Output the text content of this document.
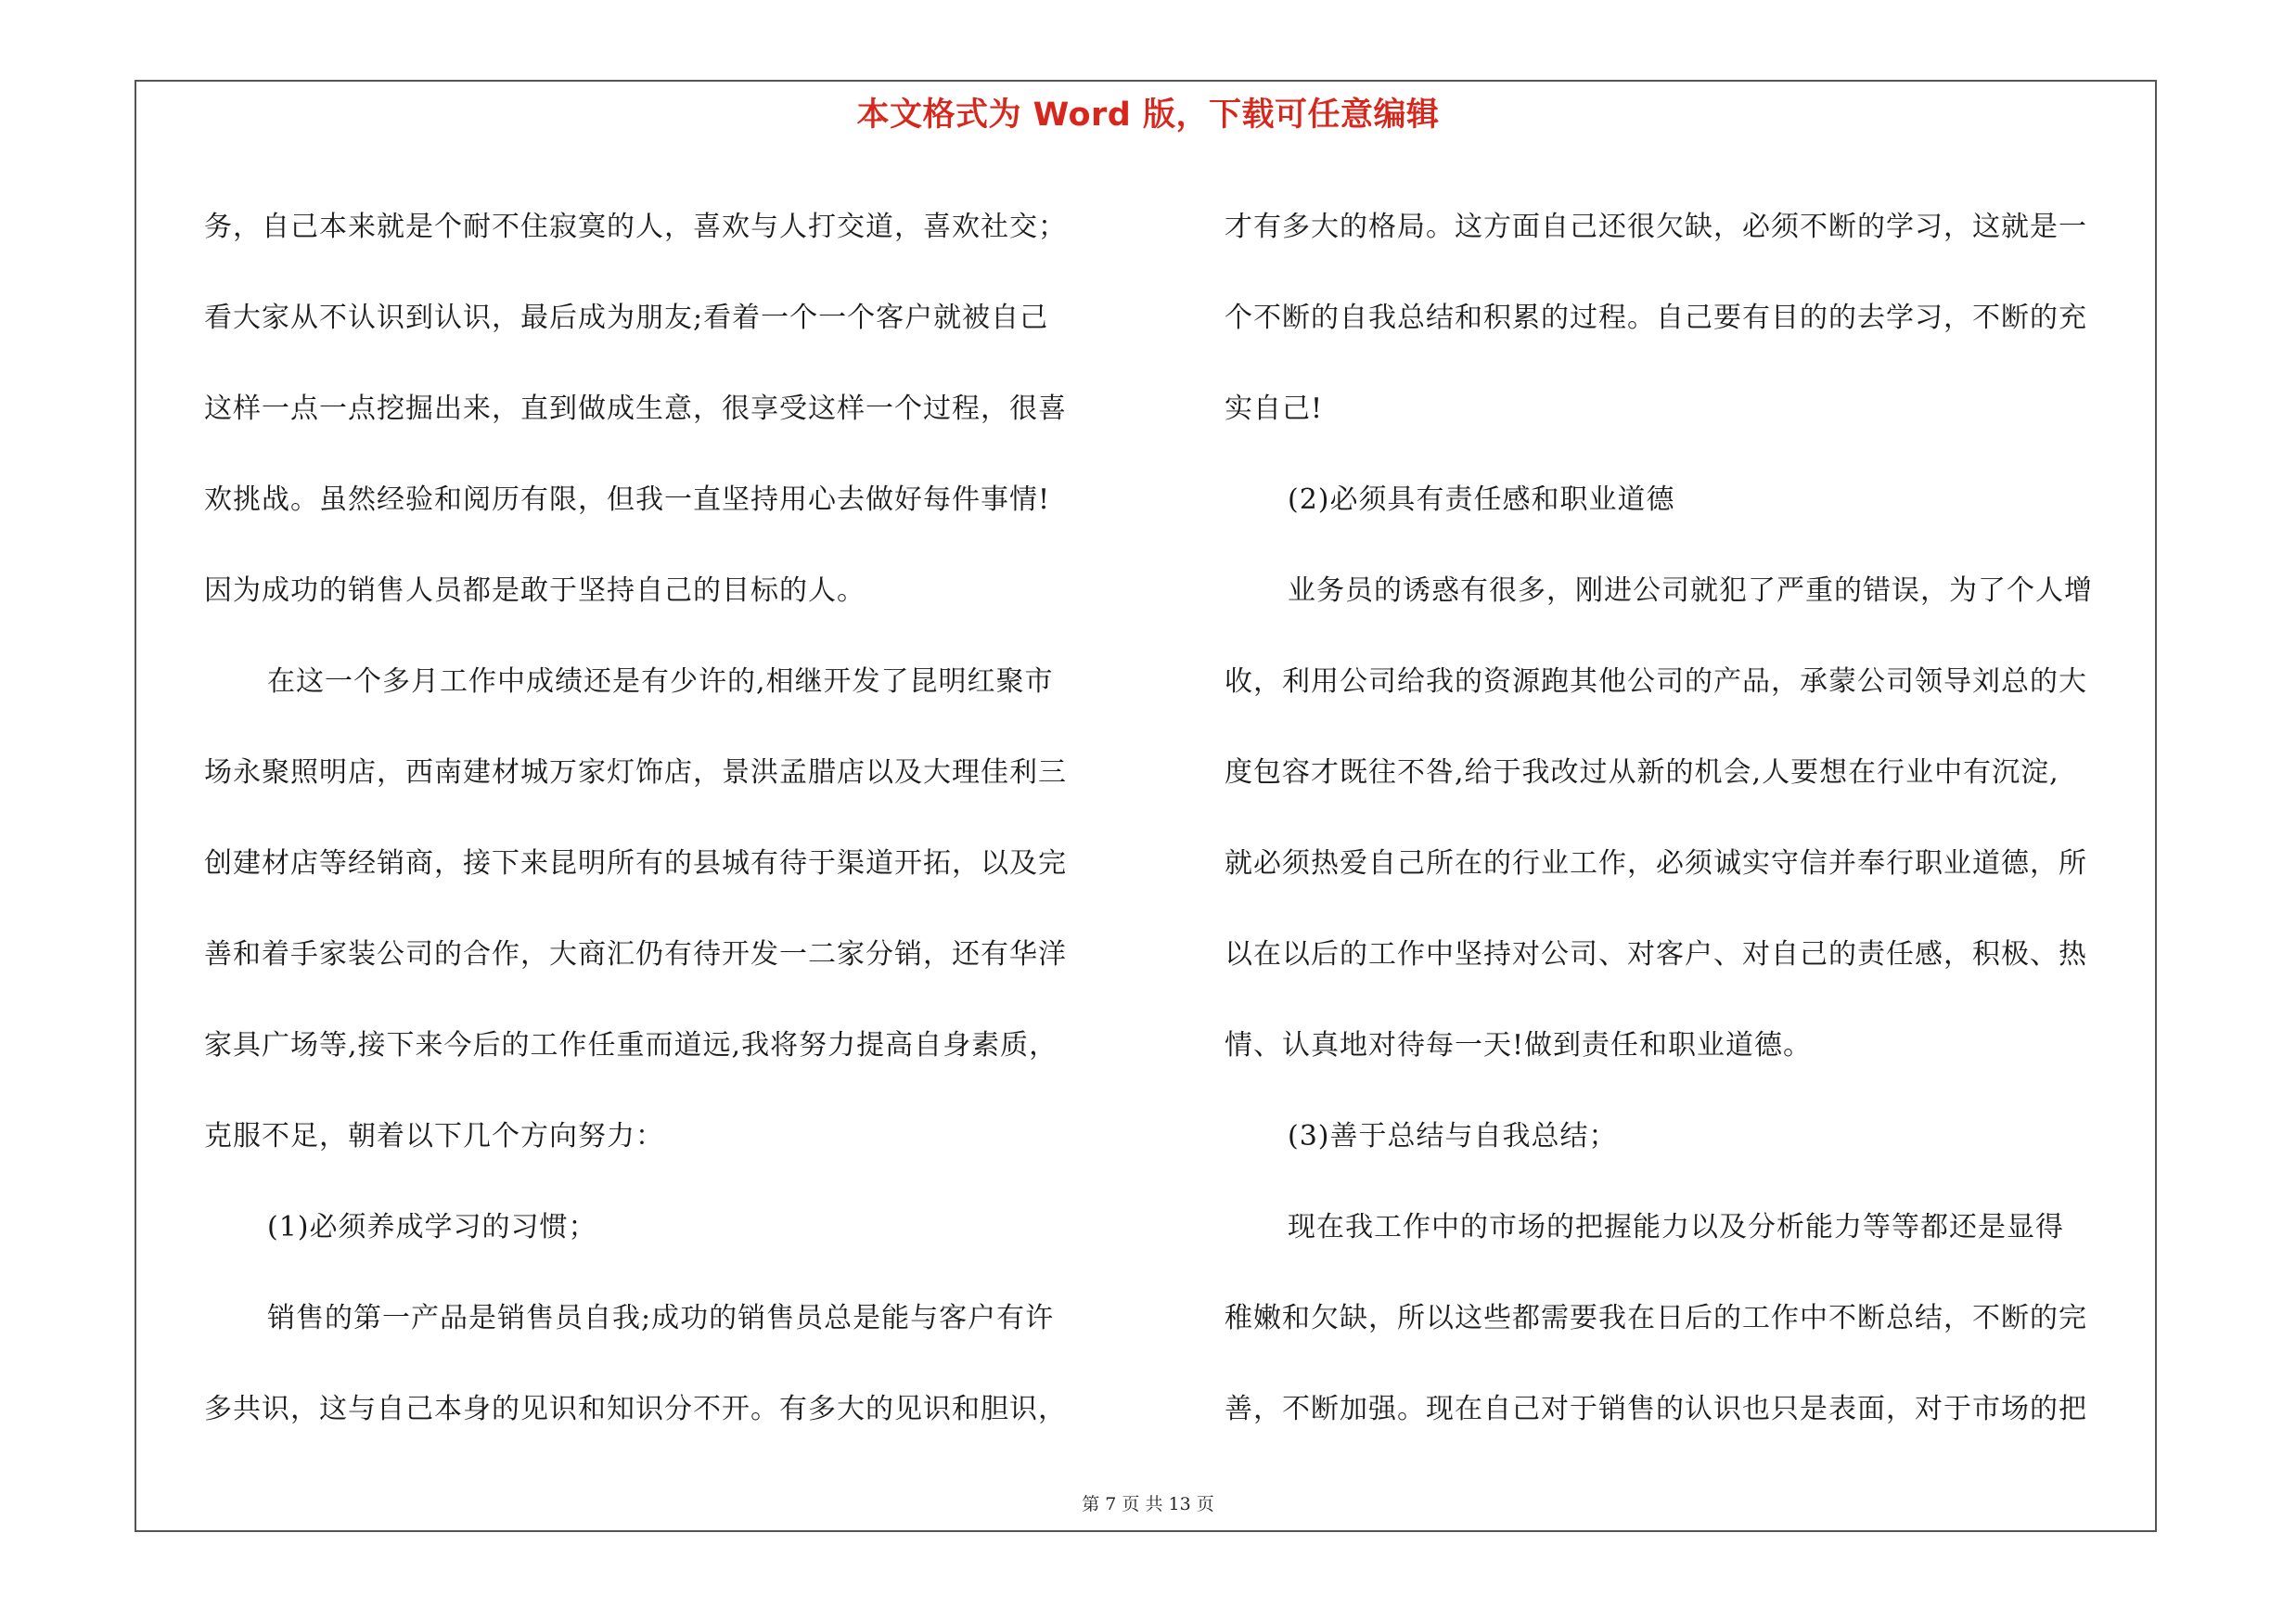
本文格式为 Word 版，下载可任意编辑

务，自己本来就是个耐不住寂寞的人，喜欢与人打交道，喜欢社交；

看大家从不认识到认识，最后成为朋友;看着一个一个客户就被自己

这样一点一点挖掘出来，直到做成生意，很享受这样一个过程，很喜

欢挑战。虽然经验和阅历有限，但我一直坚持用心去做好每件事情!

因为成功的销售人员都是敢于坚持自己的目标的人。

在这一个多月工作中成绩还是有少许的,相继开发了昆明红聚市

场永聚照明店，西南建材城万家灯饰店，景洪孟腊店以及大理佳利三

创建材店等经销商，接下来昆明所有的县城有待于渠道开拓，以及完

善和着手家装公司的合作，大商汇仍有待开发一二家分销，还有华洋

家具广场等,接下来今后的工作任重而道远,我将努力提高自身素质，

克服不足，朝着以下几个方向努力：

(1)必须养成学习的习惯；

销售的第一产品是销售员自我;成功的销售员总是能与客户有许

多共识，这与自己本身的见识和知识分不开。有多大的见识和胆识，

才有多大的格局。这方面自己还很欠缺，必须不断的学习，这就是一

个不断的自我总结和积累的过程。自己要有目的的去学习，不断的充

实自己!

(2)必须具有责任感和职业道德

业务员的诱惑有很多，刚进公司就犯了严重的错误，为了个人增

收，利用公司给我的资源跑其他公司的产品，承蒙公司领导刘总的大

度包容才既往不咎,给于我改过从新的机会,人要想在行业中有沉淀,

就必须热爱自己所在的行业工作，必须诚实守信并奉行职业道德，所

以在以后的工作中坚持对公司、对客户、对自己的责任感，积极、热

情、认真地对待每一天!做到责任和职业道德。

(3)善于总结与自我总结；

现在我工作中的市场的把握能力以及分析能力等等都还是显得

稚嫩和欠缺，所以这些都需要我在日后的工作中不断总结，不断的完

善，不断加强。现在自己对于销售的认识也只是表面，对于市场的把

第 7 页 共 13 页
